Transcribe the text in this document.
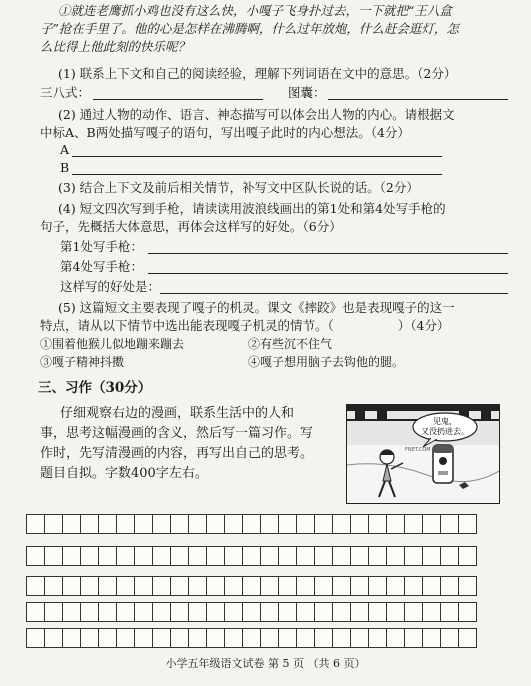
①就连老鹰抓小鸡也没有这么快，小嘎子飞身扑过去，一下就把“王八盒
子”抢在手里了。他的心是怎样在沸腾啊，什么过年放炮，什么赶会逛灯，怎
么比得上他此刻的快乐呢？
(1) 联系上下文和自己的阅读经验，理解下列词语在文中的意思。（2分）
三八式：	图囊：
(2) 通过人物的动作、语言、神态描写可以体会出人物的内心。请根据文
中标A、B两处描写嘎子的语句，写出嘎子此时的内心想法。（4分）
A
B
(3) 结合上下文及前后相关情节，补写文中区队长说的话。（2分）
(4) 短文四次写到手枪，请读读用波浪线画出的第1处和第4处写手枪的
句子，先概括大体意思，再体会这样写的好处。（6分）
第1处写手枪：
第4处写手枪：
这样写的好处是：
(5) 这篇短文主要表现了嘎子的机灵。课文《摔跤》也是表现嘎子的这一
特点，请从以下情节中选出能表现嘎子机灵的情节。（	）（4分）
①围着他猴儿似地蹦来蹦去	②有些沉不住气
③嘎子精神抖擞	④嘎子想用脑子去钩他的腿。
三、习作（30分）
仔细观察右边的漫画，联系生活中的人和
事，思考这幅漫画的含义，然后写一篇习作。写
作时，先写清漫画的内容，再写出自己的思考。
题目自拟。字数400字左右。
见鬼，
又没扔进去。
FNET.COM
小学五年级语文试卷 第 5 页 （共 6 页）
